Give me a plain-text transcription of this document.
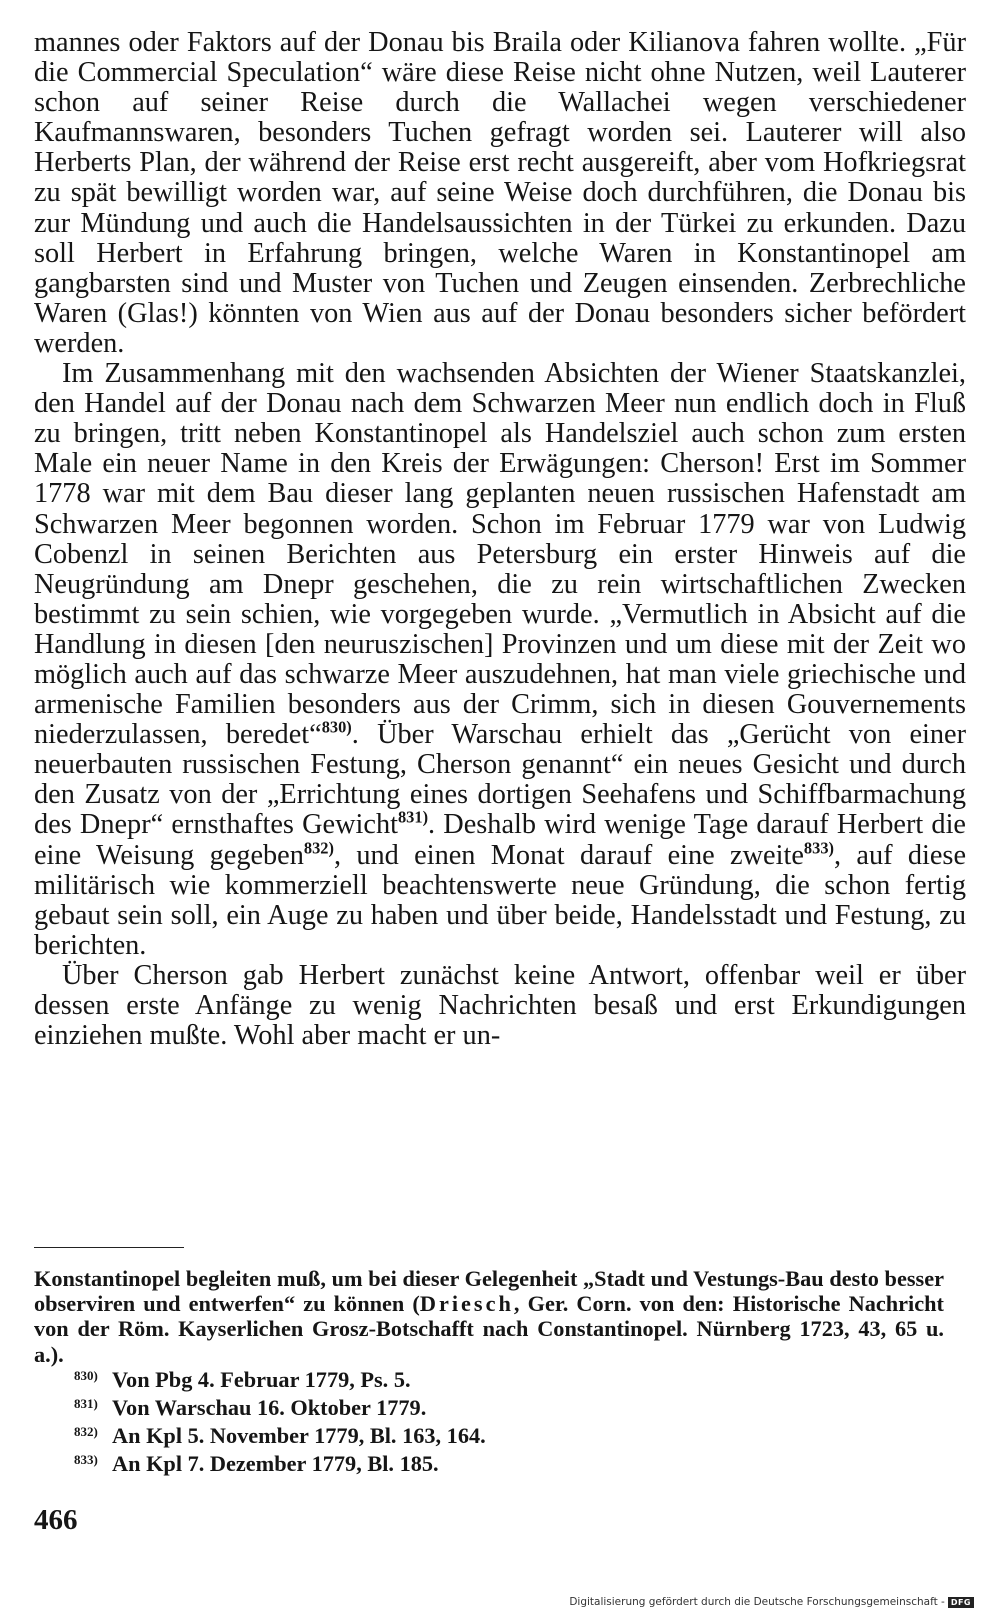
mannes oder Faktors auf der Donau bis Braila oder Kilianova fahren wollte. „Für die Commercial Speculation“ wäre diese Reise nicht ohne Nutzen, weil Lauterer schon auf seiner Reise durch die Wallachei wegen verschiedener Kaufmannswaren, besonders Tuchen gefragt worden sei. Lauterer will also Herberts Plan, der während der Reise erst recht ausgereift, aber vom Hofkriegsrat zu spät bewilligt worden war, auf seine Weise doch durchführen, die Donau bis zur Mündung und auch die Handelsaussichten in der Türkei zu erkunden. Dazu soll Herbert in Erfahrung bringen, welche Waren in Konstantinopel am gangbarsten sind und Muster von Tuchen und Zeugen einsenden. Zerbrechliche Waren (Glas!) könnten von Wien aus auf der Donau besonders sicher befördert werden.
Im Zusammenhang mit den wachsenden Absichten der Wiener Staatskanzlei, den Handel auf der Donau nach dem Schwarzen Meer nun endlich doch in Fluß zu bringen, tritt neben Konstantinopel als Handelsziel auch schon zum ersten Male ein neuer Name in den Kreis der Erwägungen: Cherson! Erst im Sommer 1778 war mit dem Bau dieser lang geplanten neuen russischen Hafenstadt am Schwarzen Meer begonnen worden. Schon im Februar 1779 war von Ludwig Cobenzl in seinen Berichten aus Petersburg ein erster Hinweis auf die Neugründung am Dnepr geschehen, die zu rein wirtschaftlichen Zwecken bestimmt zu sein schien, wie vorgegeben wurde. „Vermutlich in Absicht auf die Handlung in diesen [den neuruszischen] Provinzen und um diese mit der Zeit wo möglich auch auf das schwarze Meer auszudehnen, hat man viele griechische und armenische Familien besonders aus der Crimm, sich in diesen Gouvernements niederzulassen, beredet“$^{830)}$. Über Warschau erhielt das „Gerücht von einer neuerbauten russischen Festung, Cherson genannt“ ein neues Gesicht und durch den Zusatz von der „Errichtung eines dortigen Seehafens und Schiffbarmachung des Dnepr“ ernsthaftes Gewicht$^{831)}$. Deshalb wird wenige Tage darauf Herbert die eine Weisung gegeben$^{832)}$, und einen Monat darauf eine zweite$^{833)}$, auf diese militärisch wie kommerziell beachtenswerte neue Gründung, die schon fertig gebaut sein soll, ein Auge zu haben und über beide, Handelsstadt und Festung, zu berichten.
Über Cherson gab Herbert zunächst keine Antwort, offenbar weil er über dessen erste Anfänge zu wenig Nachrichten besaß und erst Erkundigungen einziehen mußte. Wohl aber macht er un-
Konstantinopel begleiten muß, um bei dieser Gelegenheit „Stadt und Vestungs-Bau desto besser observiren und entwerfen“ zu können (Driesch, Ger. Corn. von den: Historische Nachricht von der Röm. Kayserlichen Grosz-Botschafft nach Constantinopel. Nürnberg 1723, 43, 65 u. a.).
830) Von Pbg 4. Februar 1779, Ps. 5.
831) Von Warschau 16. Oktober 1779.
832) An Kpl 5. November 1779, Bl. 163, 164.
833) An Kpl 7. Dezember 1779, Bl. 185.
466
Digitalisierung gefördert durch die Deutsche Forschungsgemeinschaft - DFG
